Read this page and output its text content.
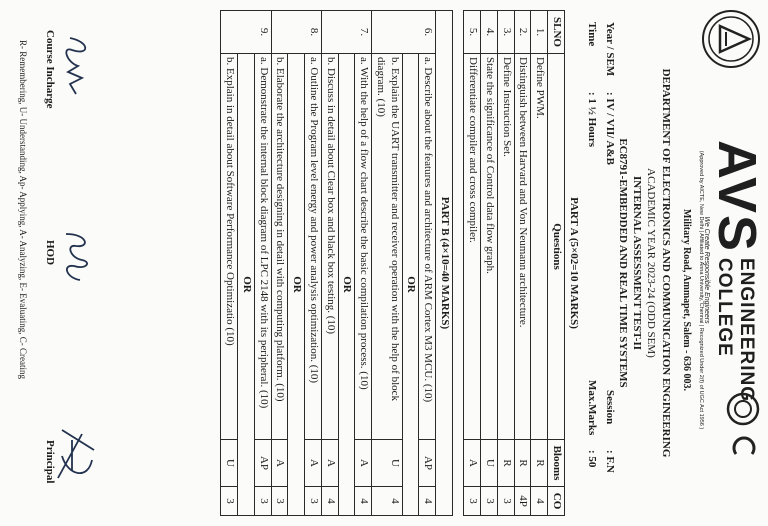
AVS
ENGINEERING
COLLEGE
We Create Responsible Engineers
(Approved by AICTE, New Delhi | Affiliated to Anna University, Chennai | Recognized Under 2(f) of UGC Act 1956 )
Military Road, Ammapet, Salem - 636 003.
DEPARTMENT OF ELECTRONICS AND COMMUNICATION ENGINEERING
ACADEMIC YEAR 2023-24 (ODD SEM)
INTERNAL ASSESSMENT TEST-II
EC8791-EMBEDDED AND REAL TIME SYSTEMS
Year / SEM
: IV / VII/ A&B
Session
: F.N
Time
: 1 ½ Hours
Max.Marks
: 50
PART A (5×02=10 MARKS)
SLNO	Questions	Blooms	CO
1.	Define PWM.	R	4
2.	Distinguish between Harvard and Von Neumann architecture.	R	4P
3.	Define Instruction Set.	R	3
4.	State the significance of Control data flow graph.	U	3
5.	Differentiate compiler and cross compiler.	A	3
PART B (4×10=40 MARKS)			
6.	a. Describe about the features and architecture of ARM Cortex M3 MCU. (10)	AP	4
	OR		
	b. Explain the UART transmitter and receiver operation with the help of block diagram. (10)	U	4
7.	a. With the help of a flow chart describe the basic compilation process. (10)	A	4
	OR		
	b. Discuss in detail about Clear box and black box testing. (10)	A	4
8.	a. Outline the Program level energy and power analysis optimization. (10)	A	3
	OR		
	b. Elaborate the architecture designing in detail with computing platform. (10)	A	3
9.	a. Demonstrate the internal block diagram of LPC 2148 with its peripheral. (10)	AP	3
	OR		
	b. Explain in detail about Software Performance Optimizatio (10)	U	3
R- Remembering, U- Understanding, Ap- Applying, A- Analyzing, E- Evaluating, C- Creating Course Incharge
HOD
Principal
